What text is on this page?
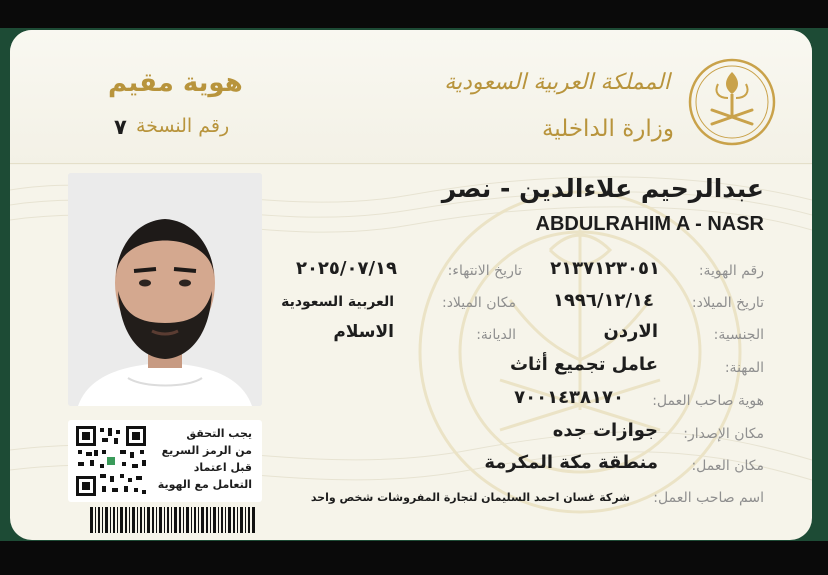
المملكة العربية السعودية
وزارة الداخلية
هوية مقيم
رقم النسخة
٧
يجب التحقق
من الرمز السريع
قبل اعتماد
التعامل مع الهوية
عبدالرحيم علاءالدين - نصر
ABDULRAHIM A - NASR
رقم الهوية:
٢١٣٧١٢٣٠٥١
تاريخ الانتهاء:
٢٠٢٥/٠٧/١٩
تاريخ الميلاد:
١٩٩٦/١٢/١٤
مكان الميلاد:
العربية السعودية
الجنسية:
الاردن
الديانة:
الاسلام
المهنة:
عامل تجميع أثاث
هوية صاحب العمل:
٧٠٠١٤٣٨١٧٠
مكان الإصدار:
جوازات جده
مكان العمل:
منطقة مكة المكرمة
اسم صاحب العمل:
شركة غسان احمد السليمان لتجارة المفروشات شخص واحد
